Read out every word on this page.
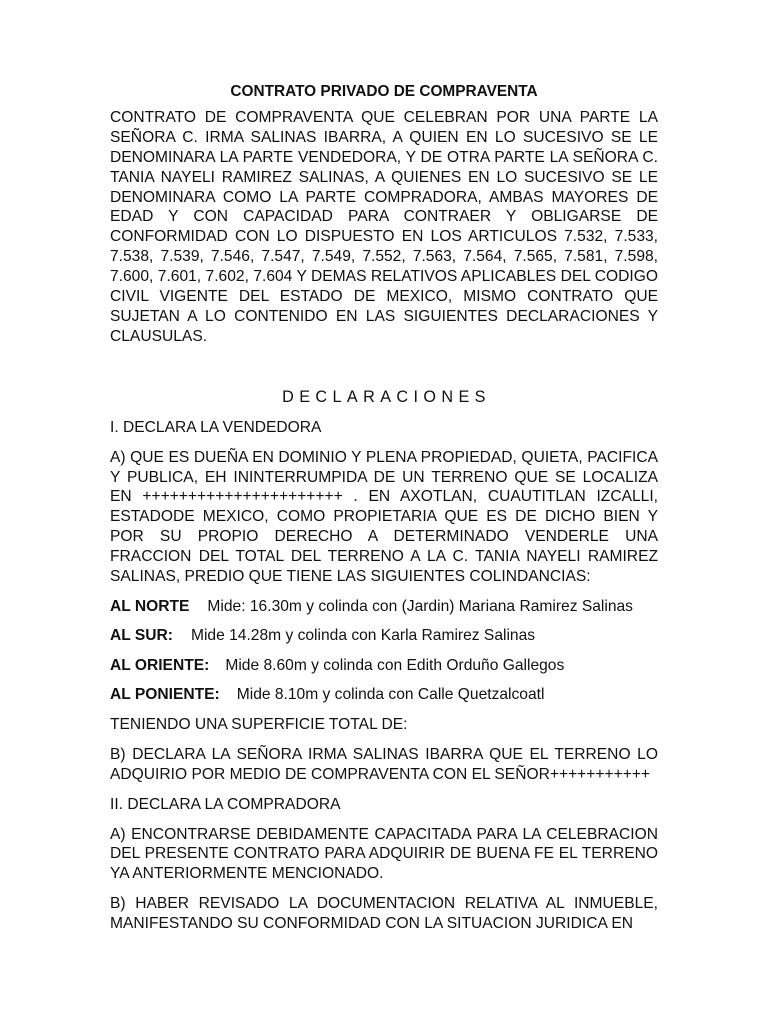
CONTRATO PRIVADO DE COMPRAVENTA

CONTRATO DE COMPRAVENTA QUE CELEBRAN POR UNA PARTE LA SEÑORA C. IRMA SALINAS IBARRA, A QUIEN EN LO SUCESIVO SE LE DENOMINARA LA PARTE VENDEDORA, Y DE OTRA PARTE LA SEÑORA C. TANIA NAYELI RAMIREZ SALINAS, A QUIENES EN LO SUCESIVO SE LE DENOMINARA COMO LA PARTE COMPRADORA, AMBAS MAYORES DE EDAD Y CON CAPACIDAD PARA CONTRAER Y OBLIGARSE DE CONFORMIDAD CON LO DISPUESTO EN LOS ARTICULOS 7.532, 7.533, 7.538, 7.539, 7.546, 7.547, 7.549, 7.552, 7.563, 7.564, 7.565, 7.581, 7.598, 7.600, 7.601, 7.602, 7.604 Y DEMAS RELATIVOS APLICABLES DEL CODIGO CIVIL VIGENTE DEL ESTADO DE MEXICO, MISMO CONTRATO QUE SUJETAN A LO CONTENIDO EN LAS SIGUIENTES DECLARACIONES Y CLAUSULAS.

DECLARACIONES

I. DECLARA LA VENDEDORA

A) QUE ES DUEÑA EN DOMINIO Y PLENA PROPIEDAD, QUIETA, PACIFICA Y PUBLICA, EH ININTERRUMPIDA DE UN TERRENO QUE SE LOCALIZA EN ++++++++++++++++++++++ . EN AXOTLAN, CUAUTITLAN IZCALLI, ESTADODE MEXICO, COMO PROPIETARIA QUE ES DE DICHO BIEN Y POR SU PROPIO DERECHO A DETERMINADO VENDERLE UNA FRACCION DEL TOTAL DEL TERRENO A LA C. TANIA NAYELI RAMIREZ SALINAS, PREDIO QUE TIENE LAS SIGUIENTES COLINDANCIAS:

AL NORTE Mide: 16.30m y colinda con (Jardin) Mariana Ramirez Salinas
AL SUR: Mide 14.28m y colinda con Karla Ramirez Salinas
AL ORIENTE: Mide 8.60m y colinda con Edith Orduño Gallegos
AL PONIENTE: Mide 8.10m y colinda con Calle Quetzalcoatl

TENIENDO UNA SUPERFICIE TOTAL DE:

B) DECLARA LA SEÑORA IRMA SALINAS IBARRA QUE EL TERRENO LO ADQUIRIO POR MEDIO DE COMPRAVENTA CON EL SEÑOR+++++++++++

II. DECLARA LA COMPRADORA

A) ENCONTRARSE DEBIDAMENTE CAPACITADA PARA LA CELEBRACION DEL PRESENTE CONTRATO PARA ADQUIRIR DE BUENA FE EL TERRENO YA ANTERIORMENTE MENCIONADO.

B) HABER REVISADO LA DOCUMENTACION RELATIVA AL INMUEBLE, MANIFESTANDO SU CONFORMIDAD CON LA SITUACION JURIDICA EN
